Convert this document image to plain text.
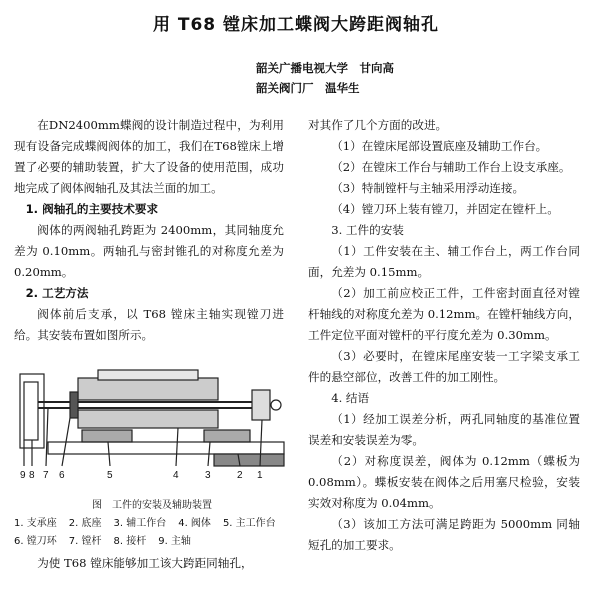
用 T68 镗床加工蝶阀大跨距阀轴孔
韶关广播电视大学　甘向高
韶关阀门厂　温华生

在DN2400mm蝶阀的设计制造过程中，为利用现有设备完成蝶阀阀体的加工，我们在T68镗床上增置了必要的辅助装置，扩大了设备的使用范围，成功地完成了阀体阀轴孔及其法兰面的加工。

1. 阀轴孔的主要技术要求

阀体的两阀轴孔跨距为 2400mm，其同轴度允差为 0.10mm。两轴孔与密封锥孔的对称度允差为 0.20mm。

2. 工艺方法

阀体前后支承，以 T68 镗床主轴实现镗刀进给。其安装布置如图所示。

9 8 7 6	5	4	3	2 1
图　工件的安装及辅助装置
1. 支承座 2. 底座 3. 辅工作台 4. 阀体 5. 主工作台
6. 镗刀环 7. 镗杆 8. 接杆 9. 主轴
为使 T68 镗床能够加工该大跨距同轴孔，

对其作了几个方面的改进。

（1）在镗床尾部设置底座及辅助工作台。

（2）在镗床工作台与辅助工作台上设支承座。

（3）特制镗杆与主轴采用浮动连接。

（4）镗刀环上装有镗刀，并固定在镗杆上。

3. 工件的安装

（1）工件安装在主、辅工作台上，两工作台同面，允差为 0.15mm。

（2）加工前应校正工件，工件密封面直径对镗杆轴线的对称度允差为 0.12mm。在镗杆轴线方向，工件定位平面对镗杆的平行度允差为 0.30mm。

（3）必要时，在镗床尾座安装一工字梁支承工件的悬空部位，改善工件的加工刚性。

4. 结语

（1）经加工误差分析，两孔同轴度的基准位置误差和安装误差为零。

（2）对称度误差，阀体为 0.12mm（蝶板为 0.08mm）。蝶板安装在阀体之后用塞尺检验，安装实效对称度为 0.04mm。

（3）该加工方法可满足跨距为 5000mm 同轴短孔的加工要求。
